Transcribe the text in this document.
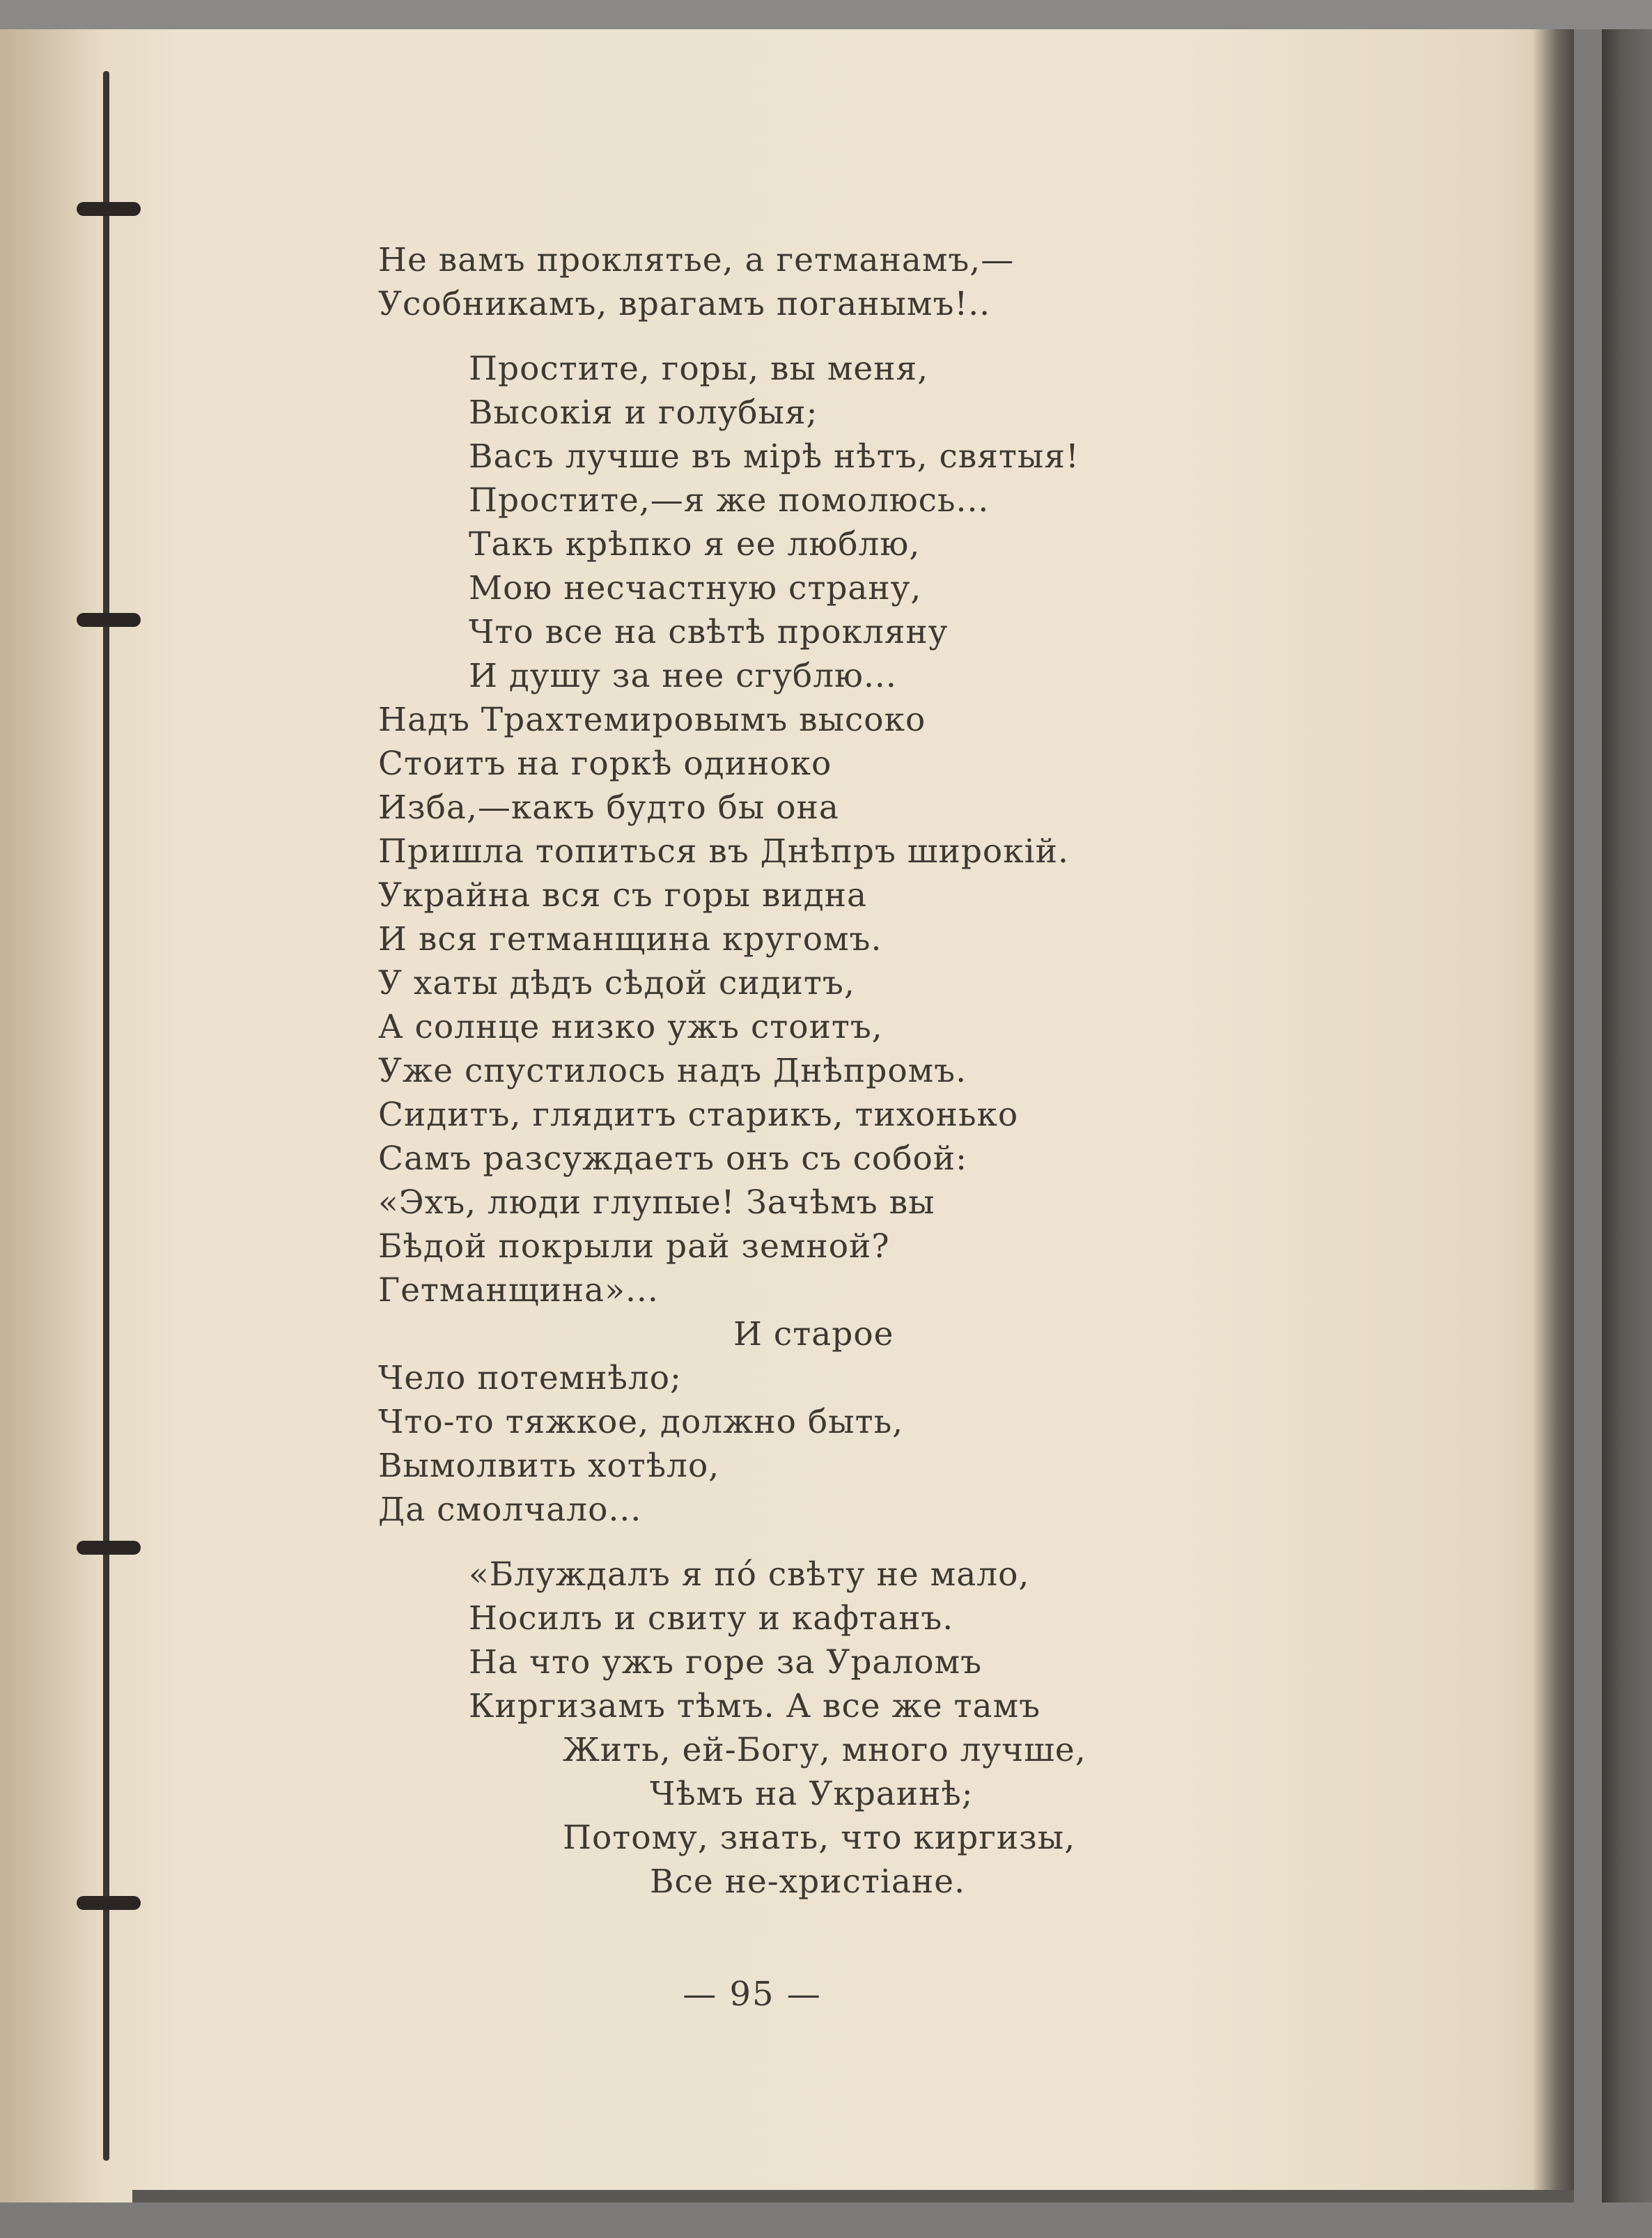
Не вамъ проклятье, а гетманамъ,—
Усобникамъ, врагамъ поганымъ!..
Простите, горы, вы меня,
Высокія и голубыя;
Васъ лучше въ мірѣ нѣтъ, святыя!
Простите,—я же помолюсь...
Такъ крѣпко я ее люблю,
Мою несчастную страну,
Что все на свѣтѣ прокляну
И душу за нее сгублю...
Надъ Трахтемировымъ высоко
Стоитъ на горкѣ одиноко
Изба,—какъ будто бы она
Пришла топиться въ Днѣпръ широкій.
Украйна вся съ горы видна
И вся гетманщина кругомъ.
У хаты дѣдъ сѣдой сидитъ,
А солнце низко ужъ стоитъ,
Уже спустилось надъ Днѣпромъ.
Сидитъ, глядитъ старикъ, тихонько
Самъ разсуждаетъ онъ съ собой:
«Эхъ, люди глупые! Зачѣмъ вы
Бѣдой покрыли рай земной?
Гетманщина»...
И старое
Чело потемнѣло;
Что-то тяжкое, должно быть,
Вымолвить хотѣло,
Да смолчало...
«Блуждалъ я пó свѣту не мало,
Носилъ и свиту и кафтанъ.
На что ужъ горе за Ураломъ
Киргизамъ тѣмъ. А все же тамъ
Жить, ей-Богу, много лучше,
Чѣмъ на Украинѣ;
Потому, знать, что киргизы,
Все не-христіане.
— 95 —
